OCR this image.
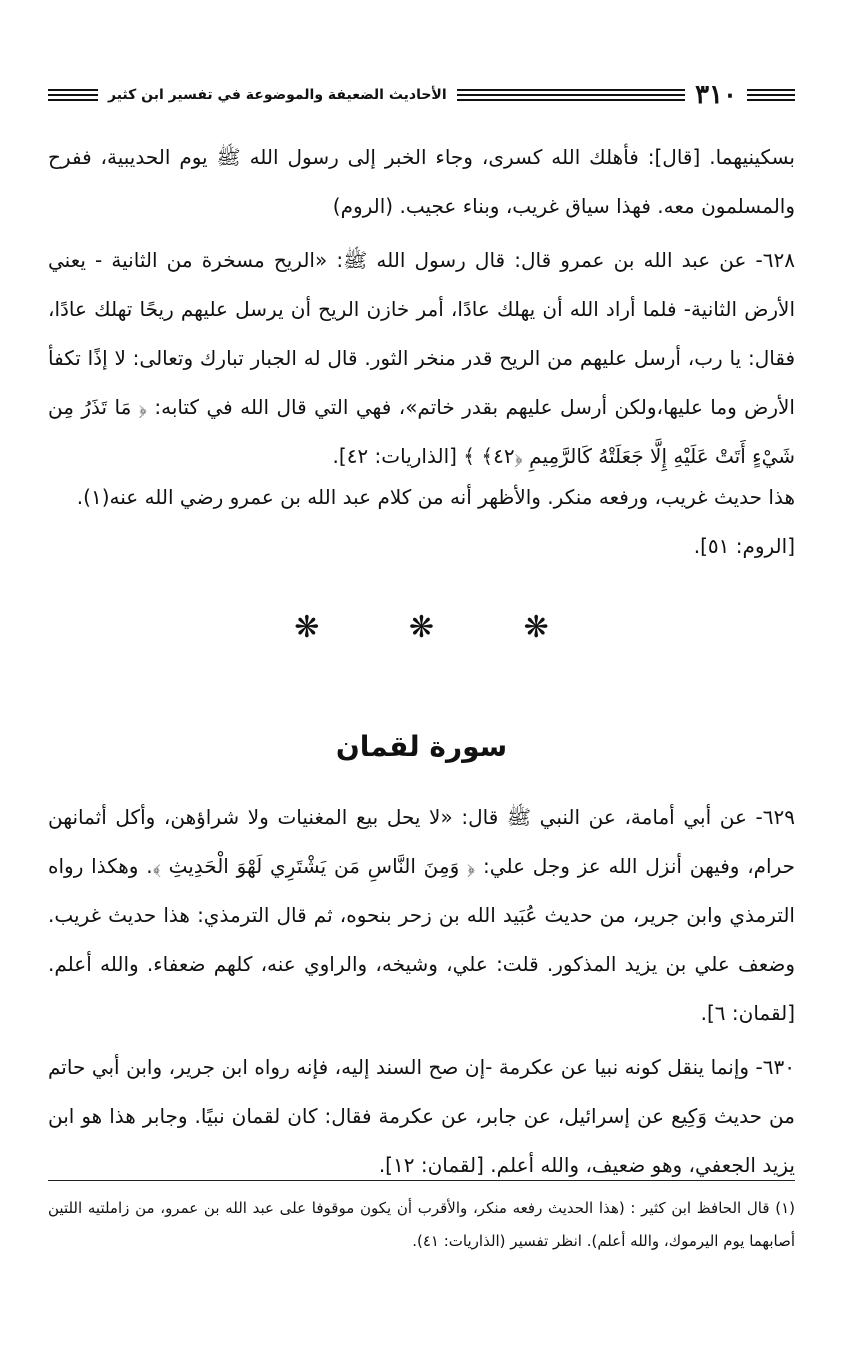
٣١٠
الأحاديث الضعيفة والموضوعة في تفسير ابن كثير

بسكينيهما. [قال]: فأهلك الله كسرى، وجاء الخبر إلى رسول الله ﷺ يوم الحديبية، ففرح والمسلمون معه. فهذا سياق غريب، وبناء عجيب. (الروم)

٦٢٨- عن عبد الله بن عمرو قال: قال رسول الله ﷺ: «الريح مسخرة من الثانية - يعني الأرض الثانية- فلما أراد الله أن يهلك عادًا، أمر خازن الريح أن يرسل عليهم ريحًا تهلك عادًا، فقال: يا رب، أرسل عليهم من الريح قدر منخر الثور. قال له الجبار تبارك وتعالى: لا إذًا تكفأ الأرض وما عليها،ولكن أرسل عليهم بقدر خاتم»، فهي التي قال الله في كتابه: ﴿ مَا تَذَرُ مِن شَيْءٍ أَتَتْ عَلَيْهِ إِلَّا جَعَلَتْهُ كَالرَّمِيمِ ﴿٤٢﴾ ﴾ [الذاريات: ٤٢].

هذا حديث غريب، ورفعه منكر. والأظهر أنه من كلام عبد الله بن عمرو رضي الله عنه(١).

[الروم: ٥١].

❋ ❋ ❋
سورة لقمان

٦٢٩- عن أبي أمامة، عن النبي ﷺ قال: «لا يحل بيع المغنيات ولا شراؤهن، وأكل أثمانهن حرام، وفيهن أنزل الله عز وجل علي: ﴿ وَمِنَ النَّاسِ مَن يَشْتَرِي لَهْوَ الْحَدِيثِ ﴾. وهكذا رواه الترمذي وابن جرير، من حديث عُبَيد الله بن زحر بنحوه، ثم قال الترمذي: هذا حديث غريب. وضعف علي بن يزيد المذكور. قلت: علي، وشيخه، والراوي عنه، كلهم ضعفاء. والله أعلم. [لقمان: ٦].

٦٣٠- وإنما ينقل كونه نبيا عن عكرمة -إن صح السند إليه، فإنه رواه ابن جرير، وابن أبي حاتم من حديث وَكِيع عن إسرائيل، عن جابر، عن عكرمة فقال: كان لقمان نبيًا. وجابر هذا هو ابن يزيد الجعفي، وهو ضعيف، والله أعلم. [لقمان: ١٢].

(١) قال الحافظ ابن كثير : (هذا الحديث رفعه منكر، والأقرب أن يكون موقوفا على عبد الله بن عمرو، من زاملتيه اللتين أصابهما يوم اليرموك، والله أعلم). انظر تفسير (الذاريات: ٤١).
